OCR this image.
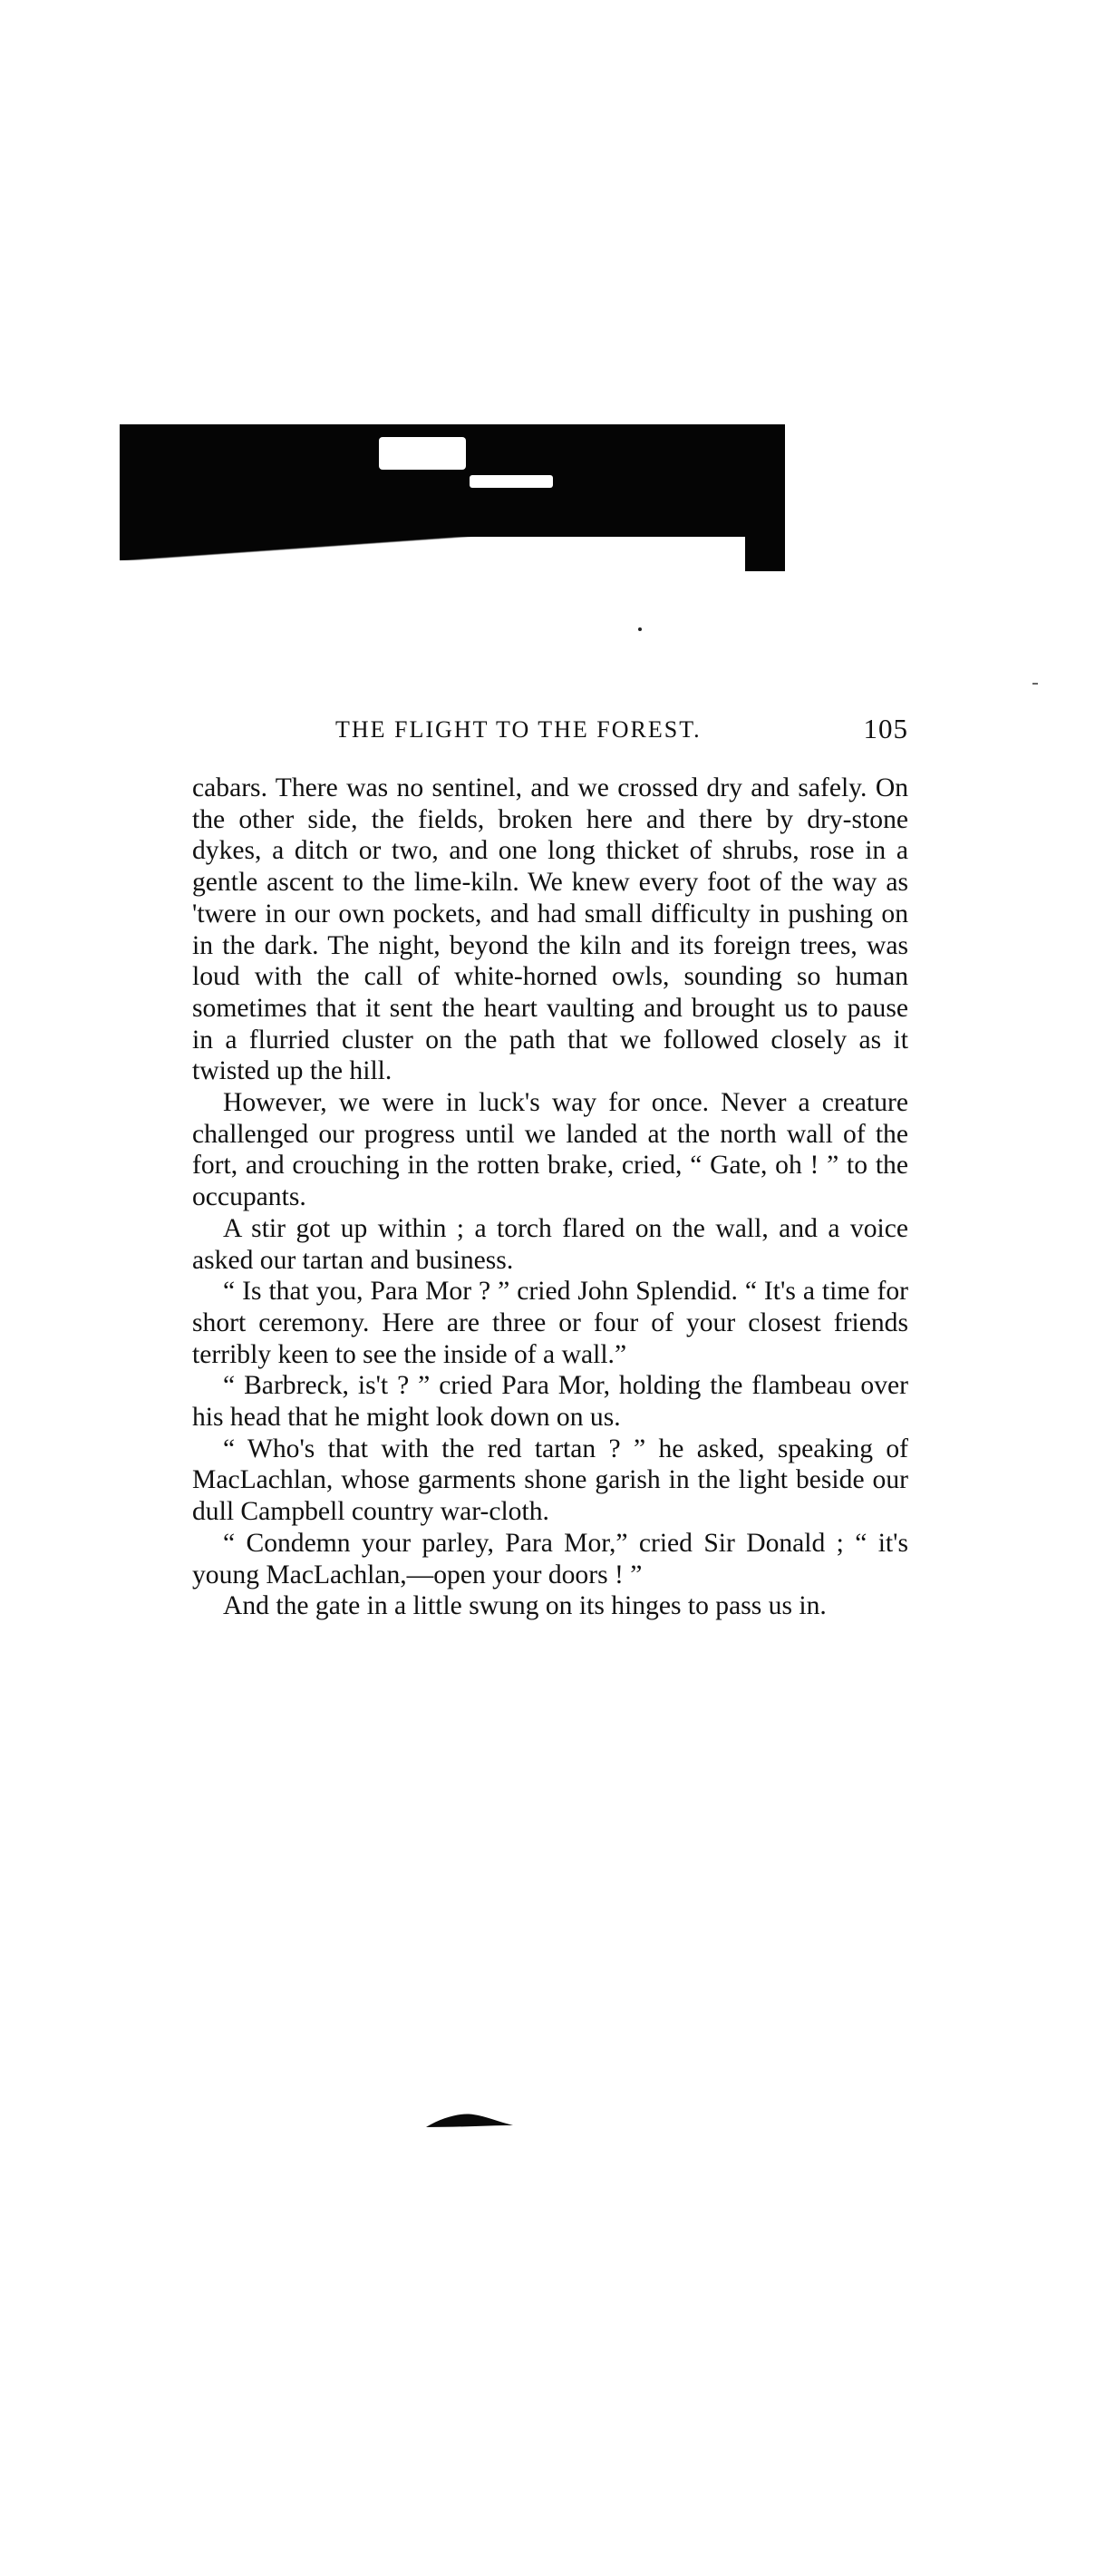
THE FLIGHT TO THE FOREST.	105

cabars. There was no sentinel, and we crossed dry and safely. On the other side, the fields, broken here and there by dry-stone dykes, a ditch or two, and one long thicket of shrubs, rose in a gentle ascent to the lime-kiln. We knew every foot of the way as 'twere in our own pockets, and had small difficulty in pushing on in the dark. The night, beyond the kiln and its foreign trees, was loud with the call of white-horned owls, sounding so human sometimes that it sent the heart vaulting and brought us to pause in a flurried cluster on the path that we followed closely as it twisted up the hill.

However, we were in luck's way for once. Never a creature challenged our progress until we landed at the north wall of the fort, and crouching in the rotten brake, cried, “ Gate, oh ! ” to the occupants.

A stir got up within ; a torch flared on the wall, and a voice asked our tartan and business.

“ Is that you, Para Mor ? ” cried John Splendid. “ It's a time for short ceremony. Here are three or four of your closest friends terribly keen to see the inside of a wall.”

“ Barbreck, is't ? ” cried Para Mor, holding the flambeau over his head that he might look down on us.

“ Who's that with the red tartan ? ” he asked, speaking of MacLachlan, whose garments shone garish in the light beside our dull Campbell country war-cloth.

“ Condemn your parley, Para Mor,” cried Sir Donald ; “ it's young MacLachlan,—open your doors ! ”

And the gate in a little swung on its hinges to pass us in.
